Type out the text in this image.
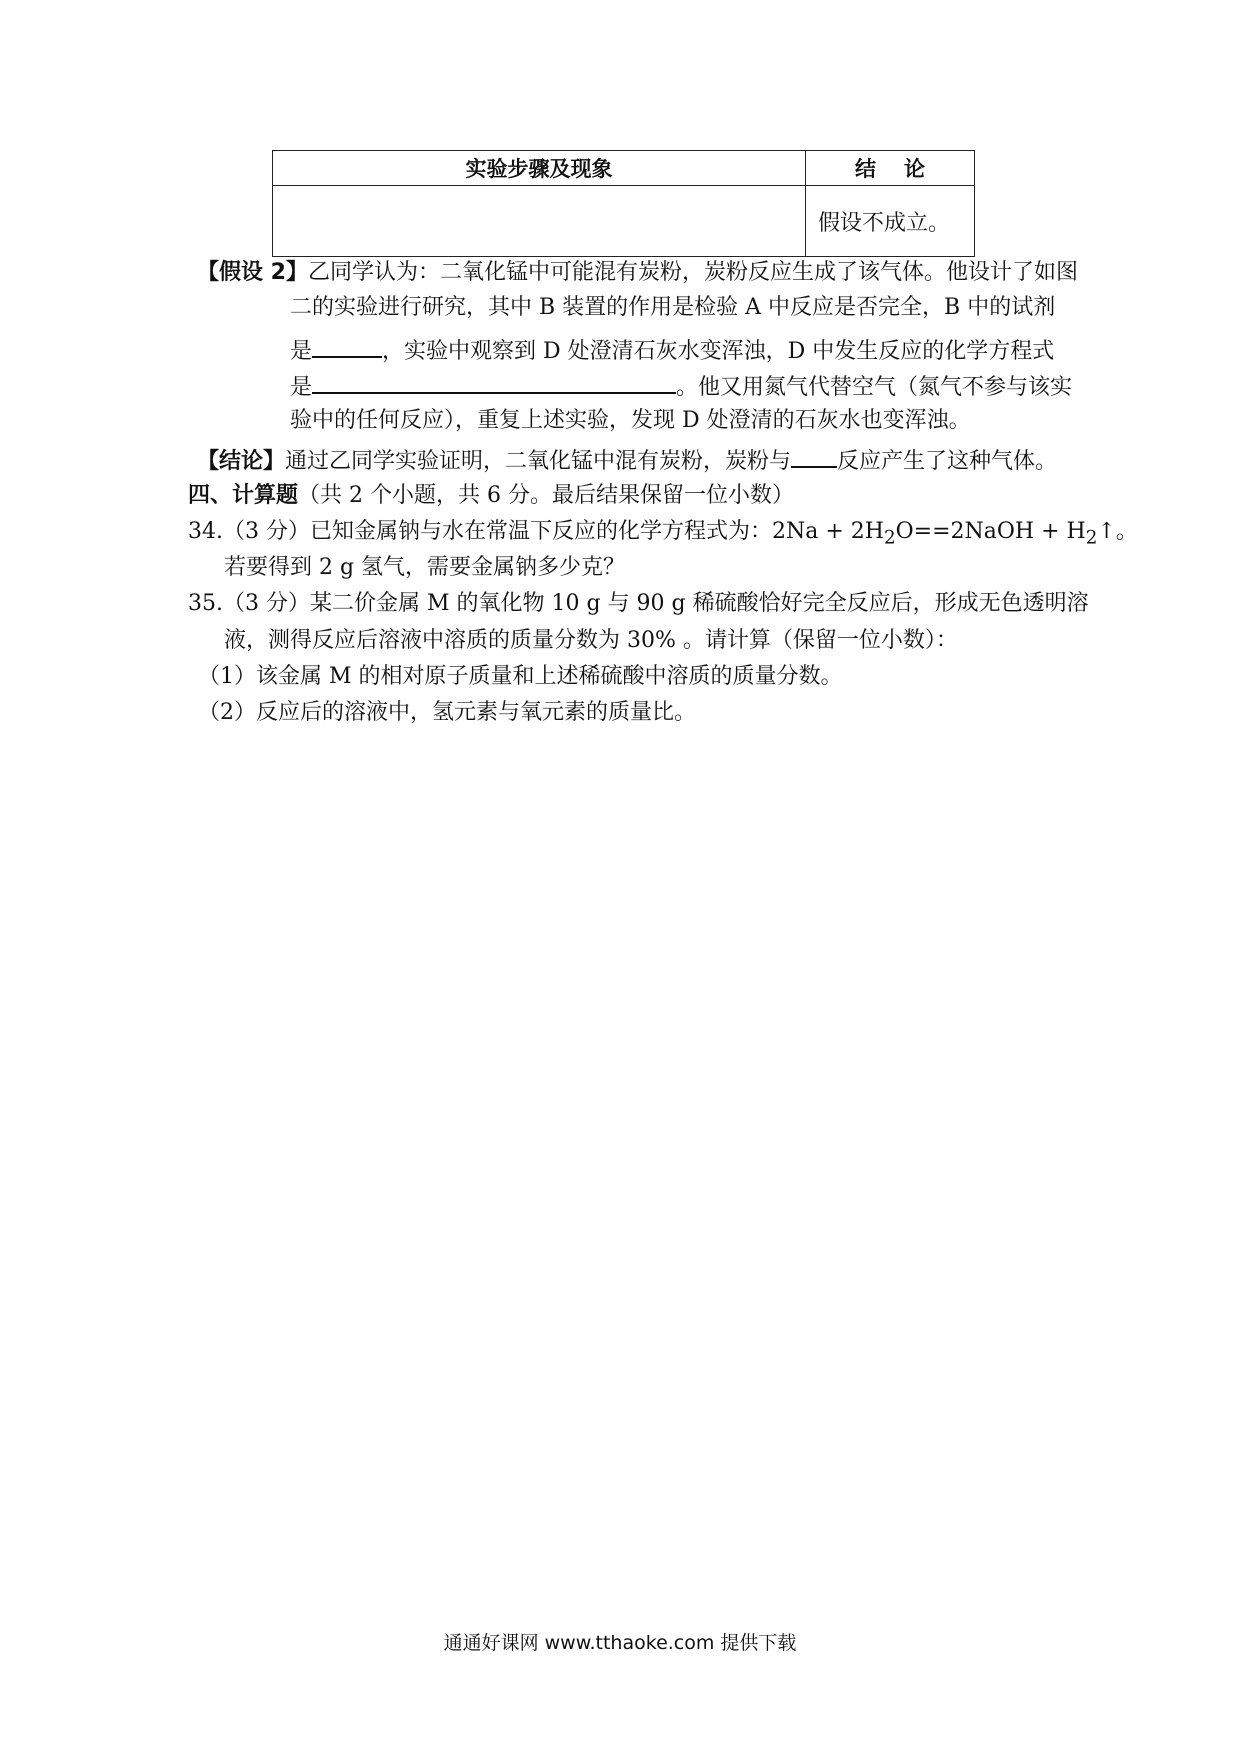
实验步骤及现象	结论
	假设不成立。
【假设 2】乙同学认为：二氧化锰中可能混有炭粉，炭粉反应生成了该气体。他设计了如图
二的实验进行研究，其中 B 装置的作用是检验 A 中反应是否完全，B 中的试剂
是	，实验中观察到 D 处澄清石灰水变浑浊，D 中发生反应的化学方程式
是	。他又用氮气代替空气（氮气不参与该实
验中的任何反应），重复上述实验，发现 D 处澄清的石灰水也变浑浊。
【结论】通过乙同学实验证明，二氧化锰中混有炭粉，炭粉与 反应产生了这种气体。
四、计算题（共 2 个小题，共 6 分。最后结果保留一位小数）
34.（3 分）已知金属钠与水在常温下反应的化学方程式为：$2Na + 2H_2O==2NaOH$ + $H_2↑$。
若要得到 2 g 氢气，需要金属钠多少克？
35.（3 分）某二价金属 M 的氧化物 10 g 与 90 g 稀硫酸恰好完全反应后，形成无色透明溶
液，测得反应后溶液中溶质的质量分数为 30% 。请计算（保留一位小数）：
（1）该金属 M 的相对原子质量和上述稀硫酸中溶质的质量分数。
（2）反应后的溶液中，氢元素与氧元素的质量比。
通通好课网 www.tthaoke.com 提供下载
